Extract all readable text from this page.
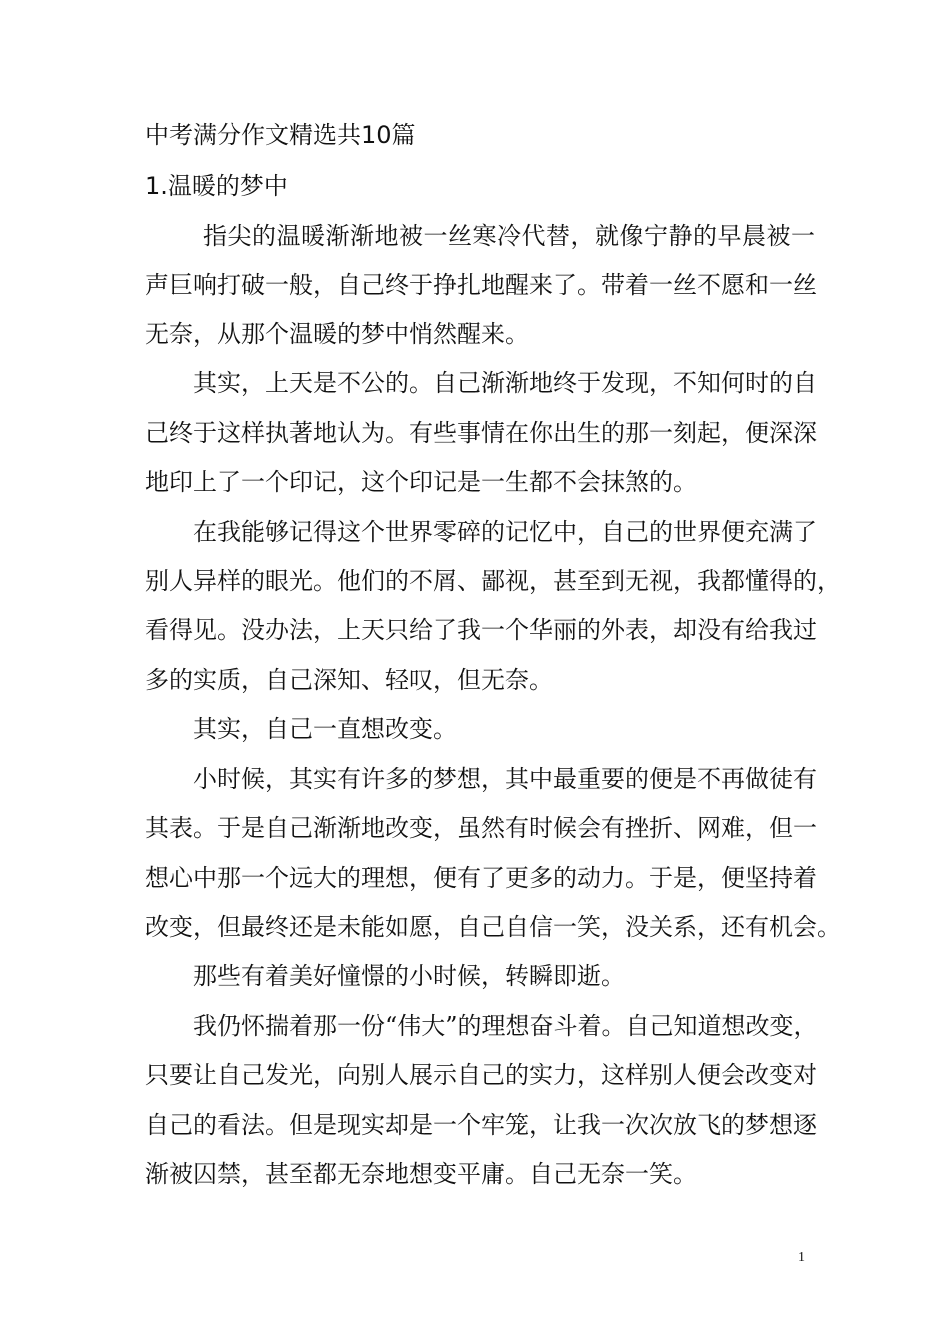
中考满分作文精选共10篇
1.温暖的梦中
指尖的温暖渐渐地被一丝寒冷代替，就像宁静的早晨被一
声巨响打破一般，自己终于挣扎地醒来了。带着一丝不愿和一丝
无奈，从那个温暖的梦中悄然醒来。
其实，上天是不公的。自己渐渐地终于发现，不知何时的自
己终于这样执著地认为。有些事情在你出生的那一刻起，便深深
地印上了一个印记，这个印记是一生都不会抹煞的。
在我能够记得这个世界零碎的记忆中，自己的世界便充满了
别人异样的眼光。他们的不屑、鄙视，甚至到无视，我都懂得的，
看得见。没办法，上天只给了我一个华丽的外表，却没有给我过
多的实质，自己深知、轻叹，但无奈。
其实，自己一直想改变。
小时候，其实有许多的梦想，其中最重要的便是不再做徒有
其表。于是自己渐渐地改变，虽然有时候会有挫折、网难，但一
想心中那一个远大的理想，便有了更多的动力。于是，便坚持着
改变，但最终还是未能如愿，自己自信一笑，没关系，还有机会。
那些有着美好憧憬的小时候，转瞬即逝。
我仍怀揣着那一份“伟大”的理想奋斗着。自己知道想改变，
只要让自己发光，向别人展示自己的实力，这样别人便会改变对
自己的看法。但是现实却是一个牢笼，让我一次次放飞的梦想逐
渐被囚禁，甚至都无奈地想变平庸。自己无奈一笑。
1
